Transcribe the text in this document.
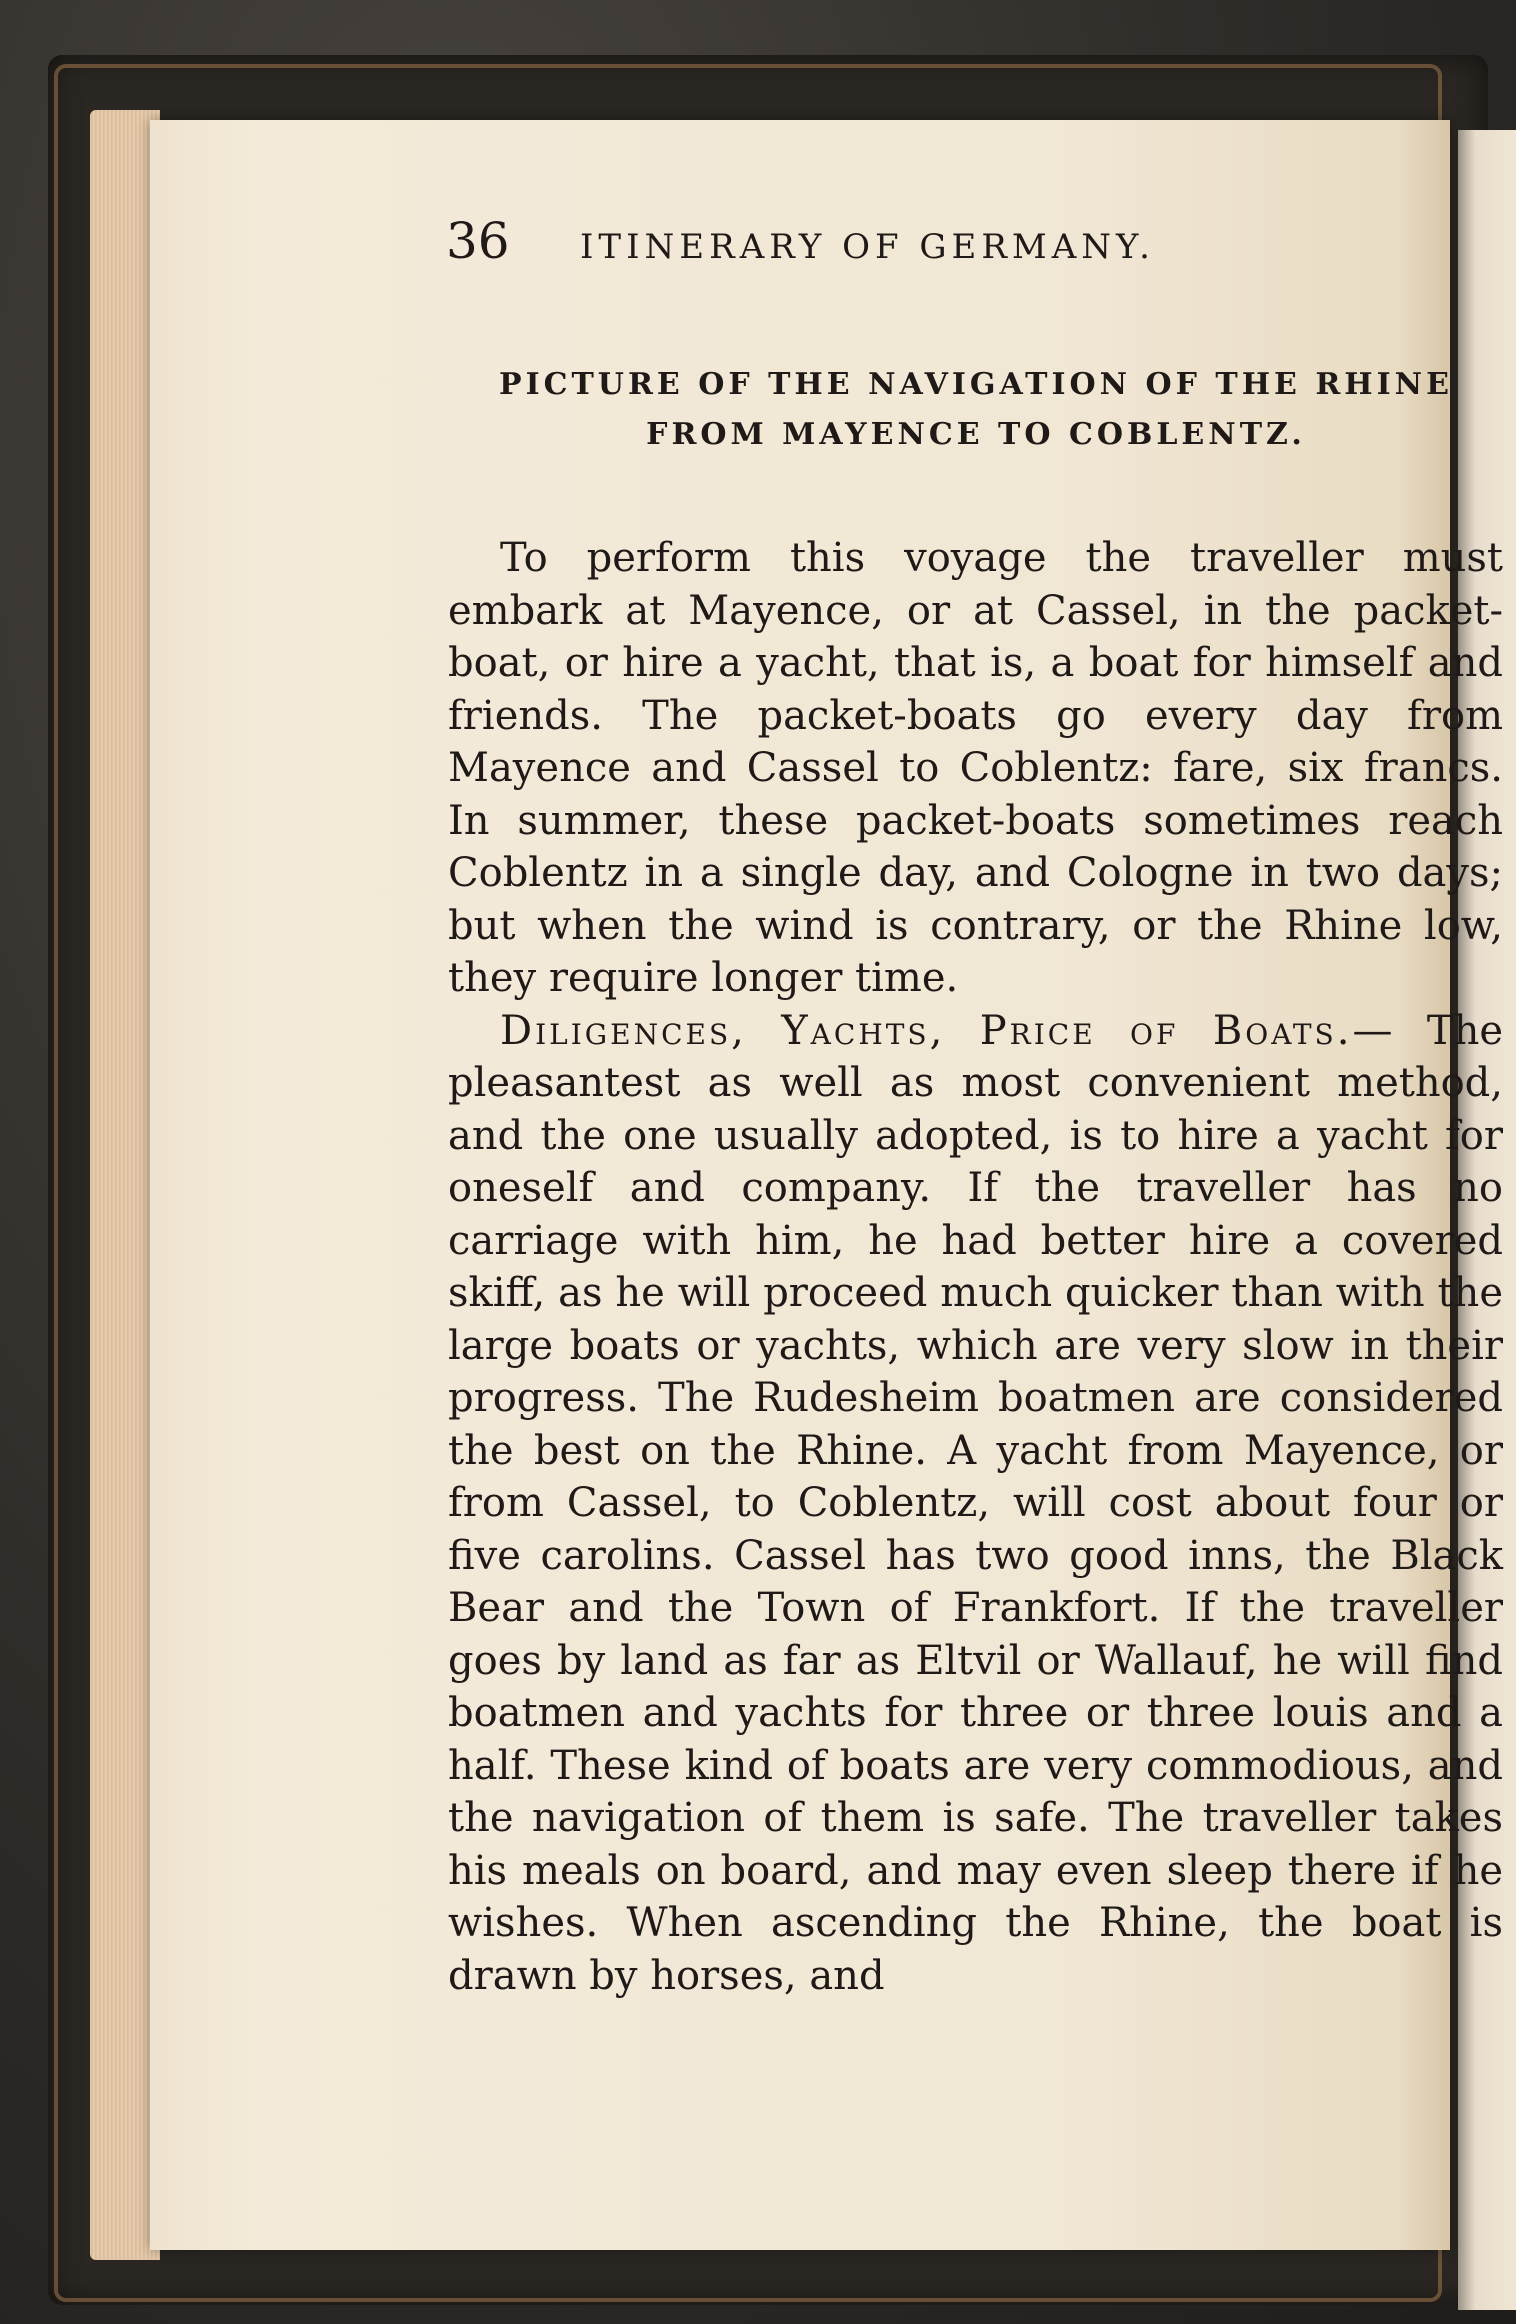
36	ITINERARY OF GERMANY.
PICTURE OF THE NAVIGATION OF THE RHINE
FROM MAYENCE TO COBLENTZ.

To perform this voyage the traveller must embark at Mayence, or at Cassel, in the packet-boat, or hire a yacht, that is, a boat for himself and friends. The packet-boats go every day from Mayence and Cassel to Coblentz: fare, six francs. In summer, these packet-boats sometimes reach Coblentz in a single day, and Cologne in two days; but when the wind is contrary, or the Rhine low, they require longer time.

Diligences, Yachts, Price of Boats.— The pleasantest as well as most convenient method, and the one usually adopted, is to hire a yacht for oneself and company. If the traveller has no carriage with him, he had better hire a covered skiff, as he will proceed much quicker than with the large boats or yachts, which are very slow in their progress. The Rudesheim boatmen are considered the best on the Rhine. A yacht from Mayence, or from Cassel, to Coblentz, will cost about four or five carolins. Cassel has two good inns, the Black Bear and the Town of Frankfort. If the traveller goes by land as far as Eltvil or Wallauf, he will find boatmen and yachts for three or three louis and a half. These kind of boats are very commodious, and the navigation of them is safe. The traveller takes his meals on board, and may even sleep there if he wishes. When ascending the Rhine, the boat is drawn by horses, and
